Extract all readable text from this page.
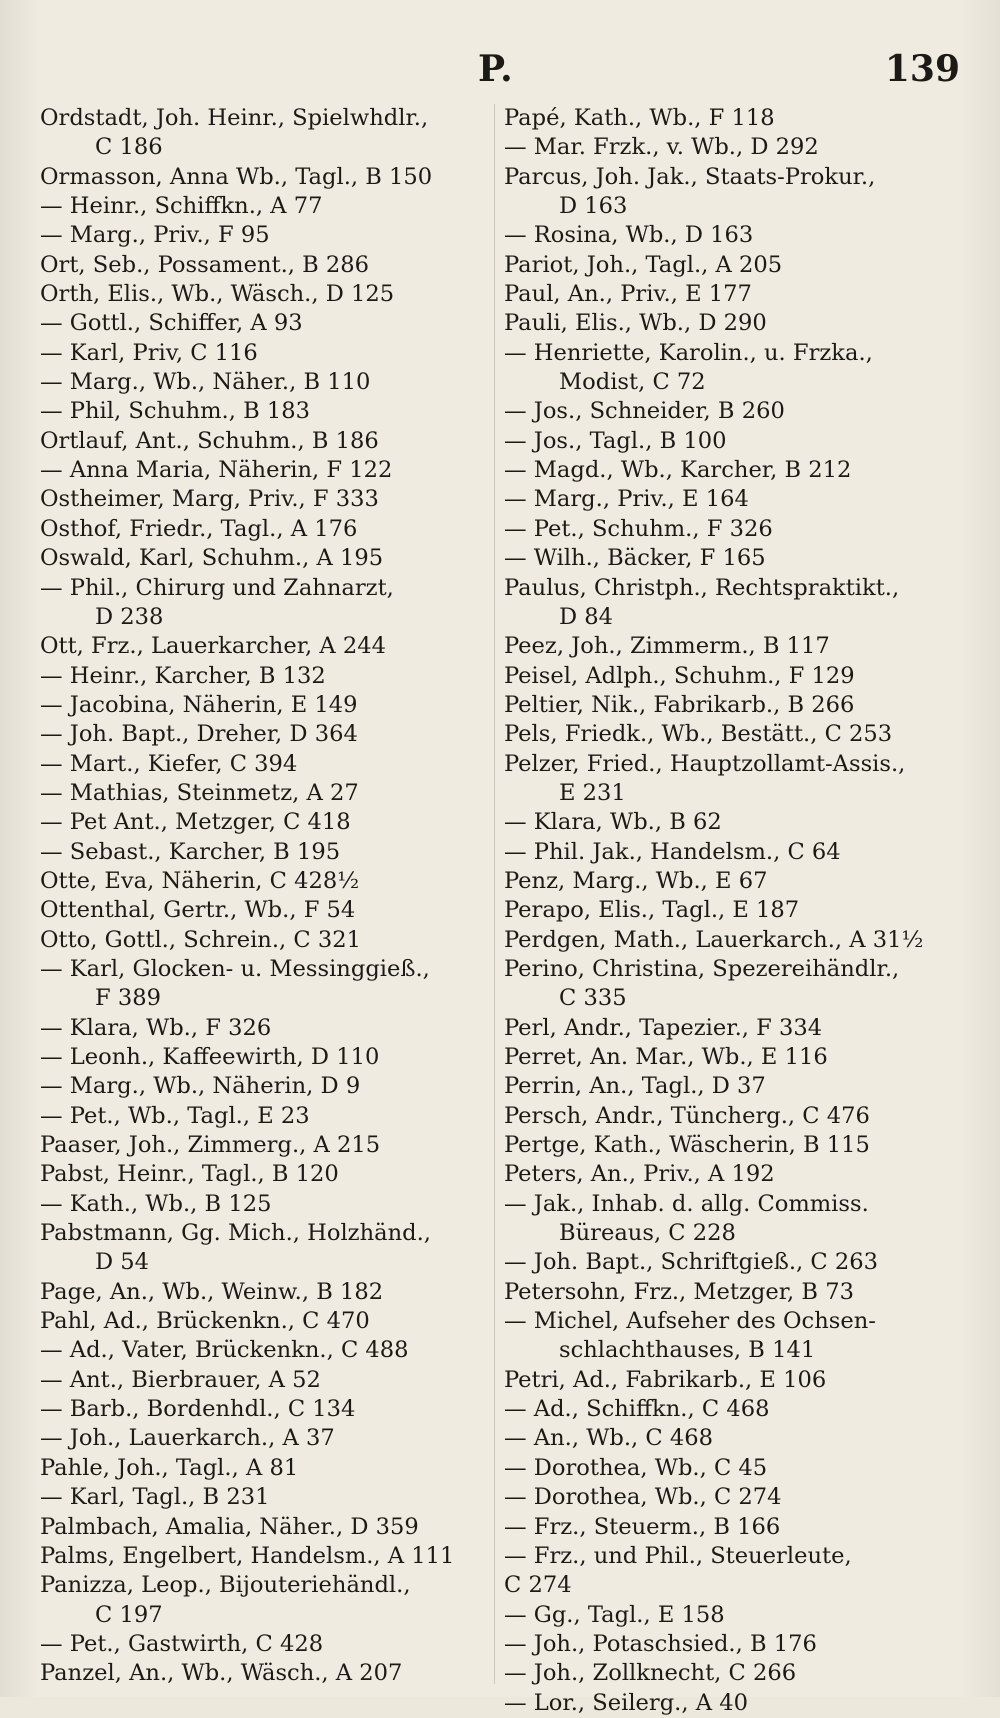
P.	139
Ordstadt, Joh. Heinr., Spielwhdlr.,
C 186
Ormasson, Anna Wb., Tagl., B 150
— Heinr., Schiffkn., A 77
— Marg., Priv., F 95
Ort, Seb., Possament., B 286
Orth, Elis., Wb., Wäsch., D 125
— Gottl., Schiffer, A 93
— Karl, Priv, C 116
— Marg., Wb., Näher., B 110
— Phil, Schuhm., B 183
Ortlauf, Ant., Schuhm., B 186
— Anna Maria, Näherin, F 122
Ostheimer, Marg, Priv., F 333
Osthof, Friedr., Tagl., A 176
Oswald, Karl, Schuhm., A 195
— Phil., Chirurg und Zahnarzt,
D 238
Ott, Frz., Lauerkarcher, A 244
— Heinr., Karcher, B 132
— Jacobina, Näherin, E 149
— Joh. Bapt., Dreher, D 364
— Mart., Kiefer, C 394
— Mathias, Steinmetz, A 27
— Pet Ant., Metzger, C 418
— Sebast., Karcher, B 195
Otte, Eva, Näherin, C 428½
Ottenthal, Gertr., Wb., F 54
Otto, Gottl., Schrein., C 321
— Karl, Glocken- u. Messinggieß.,
F 389
— Klara, Wb., F 326
— Leonh., Kaffeewirth, D 110
— Marg., Wb., Näherin, D 9
— Pet., Wb., Tagl., E 23
Paaser, Joh., Zimmerg., A 215
Pabst, Heinr., Tagl., B 120
— Kath., Wb., B 125
Pabstmann, Gg. Mich., Holzhänd.,
D 54
Page, An., Wb., Weinw., B 182
Pahl, Ad., Brückenkn., C 470
— Ad., Vater, Brückenkn., C 488
— Ant., Bierbrauer, A 52
— Barb., Bordenhdl., C 134
— Joh., Lauerkarch., A 37
Pahle, Joh., Tagl., A 81
— Karl, Tagl., B 231
Palmbach, Amalia, Näher., D 359
Palms, Engelbert, Handelsm., A 111
Panizza, Leop., Bijouteriehändl.,
C 197
— Pet., Gastwirth, C 428
Panzel, An., Wb., Wäsch., A 207
Papé, Kath., Wb., F 118
— Mar. Frzk., v. Wb., D 292
Parcus, Joh. Jak., Staats-Prokur.,
D 163
— Rosina, Wb., D 163
Pariot, Joh., Tagl., A 205
Paul, An., Priv., E 177
Pauli, Elis., Wb., D 290
— Henriette, Karolin., u. Frzka.,
Modist, C 72
— Jos., Schneider, B 260
— Jos., Tagl., B 100
— Magd., Wb., Karcher, B 212
— Marg., Priv., E 164
— Pet., Schuhm., F 326
— Wilh., Bäcker, F 165
Paulus, Christph., Rechtspraktikt.,
D 84
Peez, Joh., Zimmerm., B 117
Peisel, Adlph., Schuhm., F 129
Peltier, Nik., Fabrikarb., B 266
Pels, Friedk., Wb., Bestätt., C 253
Pelzer, Fried., Hauptzollamt-Assis.,
E 231
— Klara, Wb., B 62
— Phil. Jak., Handelsm., C 64
Penz, Marg., Wb., E 67
Perapo, Elis., Tagl., E 187
Perdgen, Math., Lauerkarch., A 31½
Perino, Christina, Spezereihändlr.,
C 335
Perl, Andr., Tapezier., F 334
Perret, An. Mar., Wb., E 116
Perrin, An., Tagl., D 37
Persch, Andr., Tüncherg., C 476
Pertge, Kath., Wäscherin, B 115
Peters, An., Priv., A 192
— Jak., Inhab. d. allg. Commiss.
Büreaus, C 228
— Joh. Bapt., Schriftgieß., C 263
Petersohn, Frz., Metzger, B 73
— Michel, Aufseher des Ochsen-
schlachthauses, B 141
Petri, Ad., Fabrikarb., E 106
— Ad., Schiffkn., C 468
— An., Wb., C 468
— Dorothea, Wb., C 45
— Dorothea, Wb., C 274
— Frz., Steuerm., B 166
— Frz., und Phil., Steuerleute,
C 274
— Gg., Tagl., E 158
— Joh., Potaschsied., B 176
— Joh., Zollknecht, C 266
— Lor., Seilerg., A 40
